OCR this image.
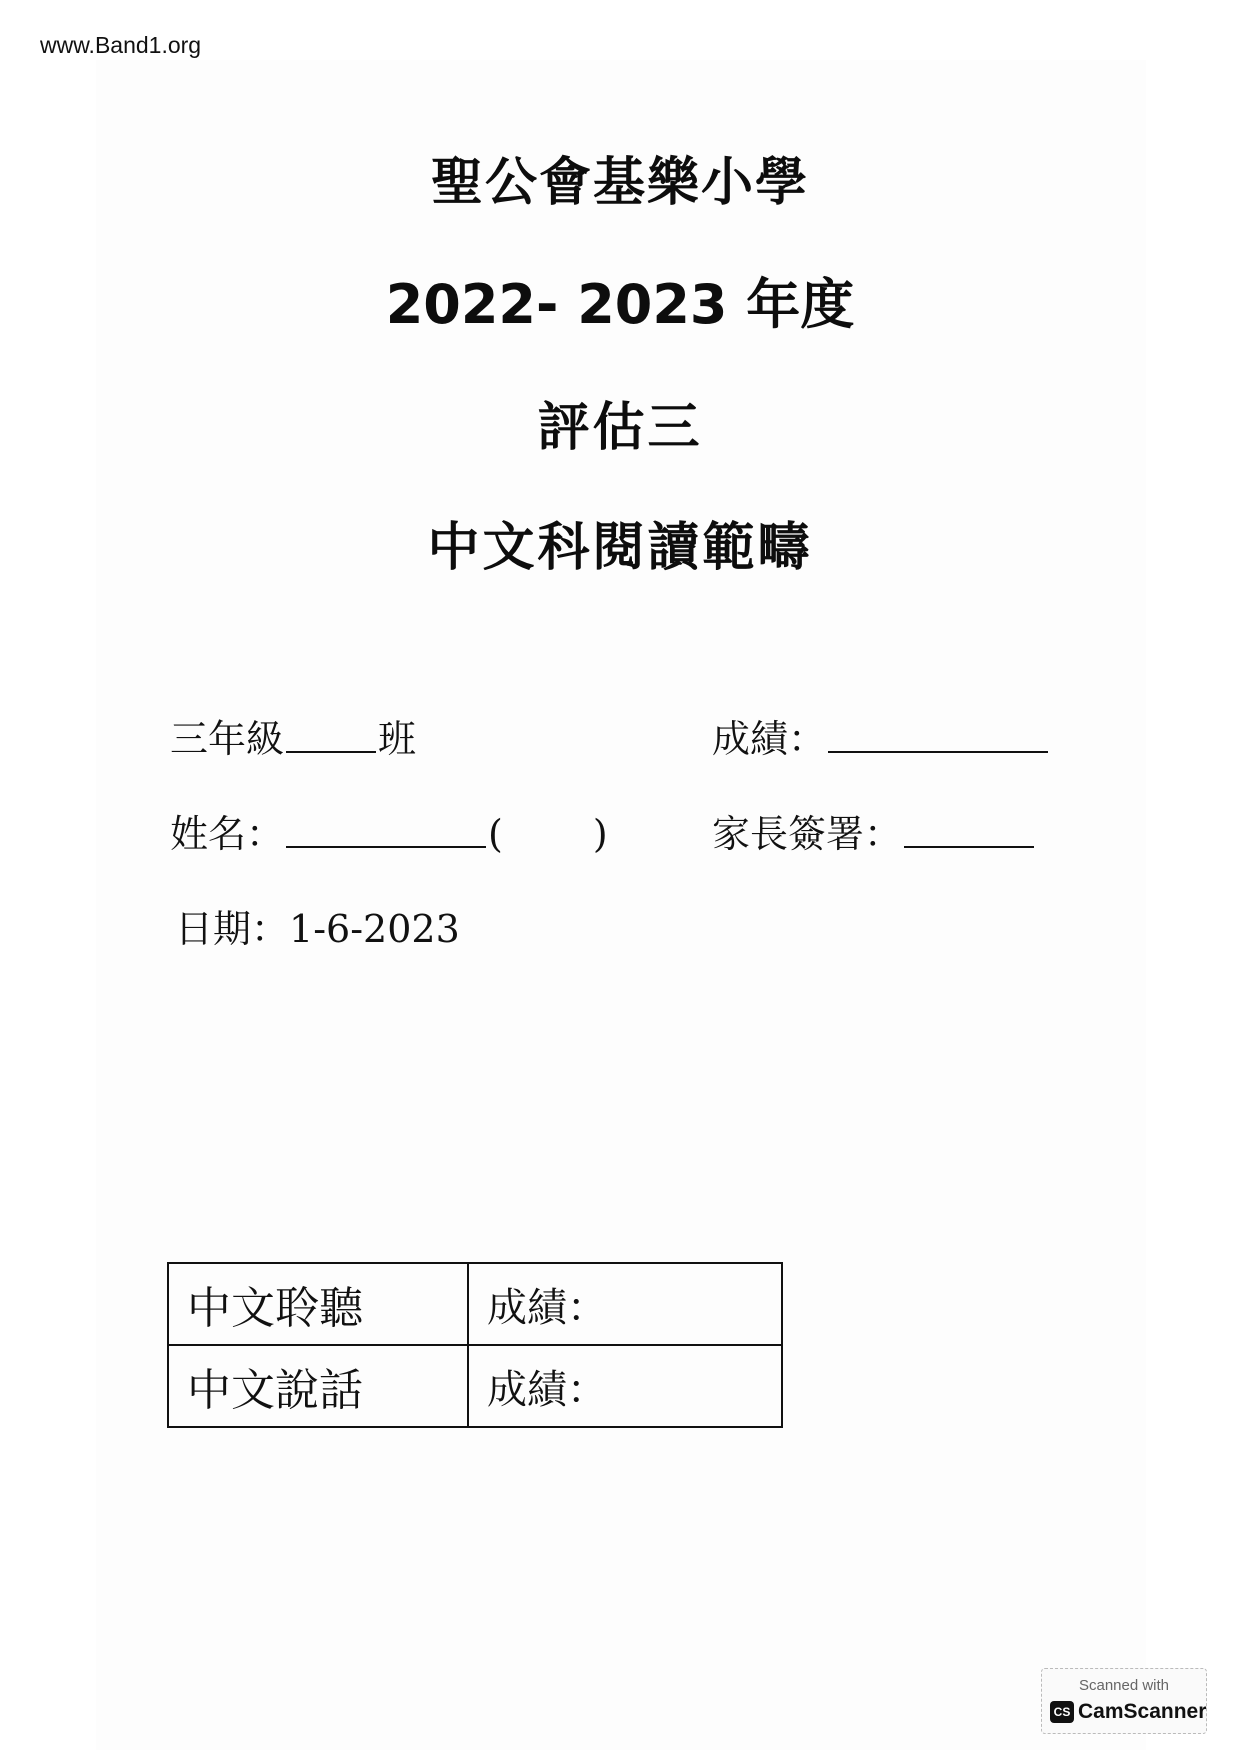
www.Band1.org
聖公會基樂小學
2022- 2023 年度
評估三
中文科閱讀範疇
三年級 班	成績：
姓名：	( )	家長簽署：
日期：1-6-2023
中文聆聽	成績：
中文說話	成績：
Scanned with
CS CamScanner
